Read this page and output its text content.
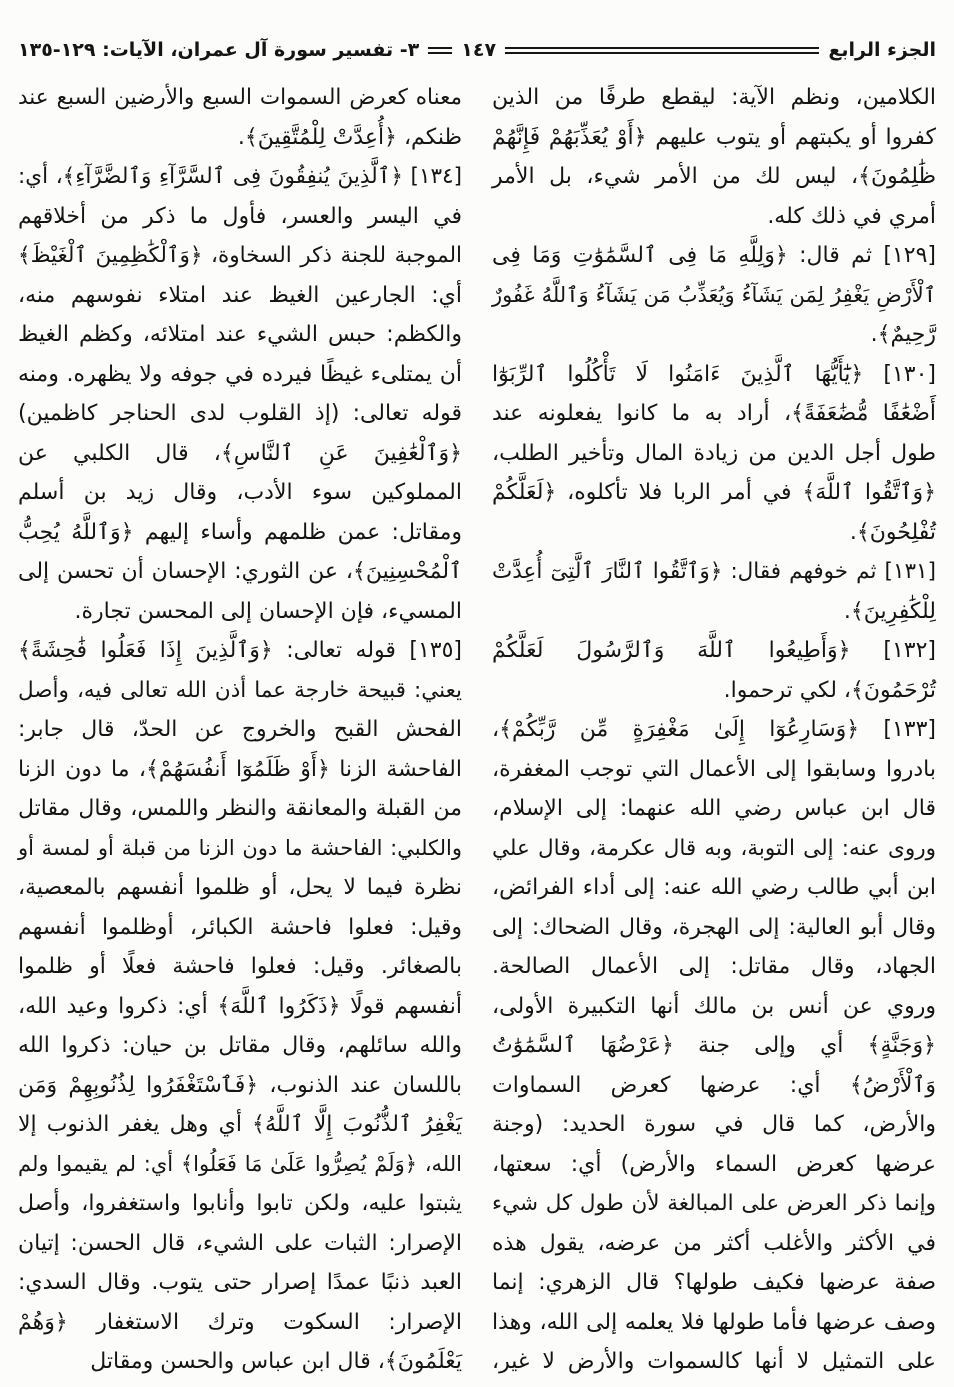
الجزء الرابع
١٤٧
٣- تفسير سورة آل عمران، الآيات: ١٢٩-١٣٥
الكلامين، ونظم الآية: ليقطع طرفًا من الذين
كفروا أو يكبتهم أو يتوب عليهم ﴿أَوْ يُعَذِّبَهُمْ فَإِنَّهُمْ
ظَٰلِمُونَ﴾، ليس لك من الأمر شيء، بل الأمر
أمري في ذلك كله.
[١٢٩] ثم قال: ﴿وَلِلَّهِ مَا فِى ٱلسَّمَٰوَٰتِ وَمَا فِى
ٱلْأَرْضِ يَغْفِرُ لِمَن يَشَآءُ وَيُعَذِّبُ مَن يَشَآءُ وَٱللَّهُ غَفُورٌ
رَّحِيمٌ﴾.
[١٣٠] ﴿يَٰٓأَيُّهَا ٱلَّذِينَ ءَامَنُوا لَا تَأْكُلُوا ٱلرِّبَوٰٓا
أَضْعَٰفًا مُّضَٰعَفَةً﴾، أراد به ما كانوا يفعلونه عند
طول أجل الدين من زيادة المال وتأخير الطلب،
﴿وَٱتَّقُوا ٱللَّهَ﴾ في أمر الربا فلا تأكلوه، ﴿لَعَلَّكُمْ
تُفْلِحُونَ﴾.
[١٣١] ثم خوفهم فقال: ﴿وَٱتَّقُوا ٱلنَّارَ ٱلَّتِىٓ أُعِدَّتْ
لِلْكَٰفِرِينَ﴾.
[١٣٢] ﴿وَأَطِيعُوا ٱللَّهَ وَٱلرَّسُولَ لَعَلَّكُمْ
تُرْحَمُونَ﴾، لكي ترحموا.
[١٣٣] ﴿وَسَارِعُوٓا إِلَىٰ مَغْفِرَةٍ مِّن رَّبِّكُمْ﴾،
بادروا وسابقوا إلى الأعمال التي توجب المغفرة،
قال ابن عباس رضي الله عنهما: إلى الإسلام،
وروى عنه: إلى التوبة، وبه قال عكرمة، وقال علي
ابن أبي طالب رضي الله عنه: إلى أداء الفرائض،
وقال أبو العالية: إلى الهجرة، وقال الضحاك: إلى
الجهاد، وقال مقاتل: إلى الأعمال الصالحة.
وروي عن أنس بن مالك أنها التكبيرة الأولى،
﴿وَجَنَّةٍ﴾ أي وإلى جنة ﴿عَرْضُهَا ٱلسَّمَٰوَٰتُ
وَٱلْأَرْضُ﴾ أي: عرضها كعرض السماوات
والأرض، كما قال في سورة الحديد: (وجنة
عرضها كعرض السماء والأرض) أي: سعتها،
وإنما ذكر العرض على المبالغة لأن طول كل شيء
في الأكثر والأغلب أكثر من عرضه، يقول هذه
صفة عرضها فكيف طولها؟ قال الزهري: إنما
وصف عرضها فأما طولها فلا يعلمه إلى الله، وهذا
على التمثيل لا أنها كالسموات والأرض لا غير،
معناه كعرض السموات السبع والأرضين السبع عند
ظنكم، ﴿أُعِدَّتْ لِلْمُتَّقِينَ﴾.
[١٣٤] ﴿ٱلَّذِينَ يُنفِقُونَ فِى ٱلسَّرَّآءِ وَٱلضَّرَّآءِ﴾، أي:
في اليسر والعسر، فأول ما ذكر من أخلاقهم
الموجبة للجنة ذكر السخاوة، ﴿وَٱلْكَٰظِمِينَ ٱلْغَيْظَ﴾
أي: الجارعين الغيظ عند امتلاء نفوسهم منه،
والكظم: حبس الشيء عند امتلائه، وكظم الغيظ
أن يمتلىء غيظًا فيرده في جوفه ولا يظهره. ومنه
قوله تعالى: (إذ القلوب لدى الحناجر كاظمين)
﴿وَٱلْعَٰفِينَ عَنِ ٱلنَّاسِ﴾، قال الكلبي عن
المملوكين سوء الأدب، وقال زيد بن أسلم
ومقاتل: عمن ظلمهم وأساء إليهم ﴿وَٱللَّهُ يُحِبُّ
ٱلْمُحْسِنِينَ﴾، عن الثوري: الإحسان أن تحسن إلى
المسيء، فإن الإحسان إلى المحسن تجارة.
[١٣٥] قوله تعالى: ﴿وَٱلَّذِينَ إِذَا فَعَلُوا فَٰحِشَةً﴾
يعني: قبيحة خارجة عما أذن الله تعالى فيه، وأصل
الفحش القبح والخروج عن الحدّ، قال جابر:
الفاحشة الزنا ﴿أَوْ ظَلَمُوٓا أَنفُسَهُمْ﴾، ما دون الزنا
من القبلة والمعانقة والنظر واللمس، وقال مقاتل
والكلبي: الفاحشة ما دون الزنا من قبلة أو لمسة أو
نظرة فيما لا يحل، أو ظلموا أنفسهم بالمعصية،
وقيل: فعلوا فاحشة الكبائر، أوظلموا أنفسهم
بالصغائر. وقيل: فعلوا فاحشة فعلًا أو ظلموا
أنفسهم قولًا ﴿ذَكَرُوا ٱللَّهَ﴾ أي: ذكروا وعيد الله،
والله سائلهم، وقال مقاتل بن حيان: ذكروا الله
باللسان عند الذنوب، ﴿فَٱسْتَغْفَرُوا لِذُنُوبِهِمْ وَمَن
يَغْفِرُ ٱلذُّنُوبَ إِلَّا ٱللَّهُ﴾ أي وهل يغفر الذنوب إلا
الله، ﴿وَلَمْ يُصِرُّوا عَلَىٰ مَا فَعَلُوا﴾ أي: لم يقيموا ولم
يثبتوا عليه، ولكن تابوا وأنابوا واستغفروا، وأصل
الإصرار: الثبات على الشيء، قال الحسن: إتيان
العبد ذنبًا عمدًا إصرار حتى يتوب. وقال السدي:
الإصرار: السكوت وترك الاستغفار ﴿وَهُمْ
يَعْلَمُونَ﴾، قال ابن عباس والحسن ومقاتل
